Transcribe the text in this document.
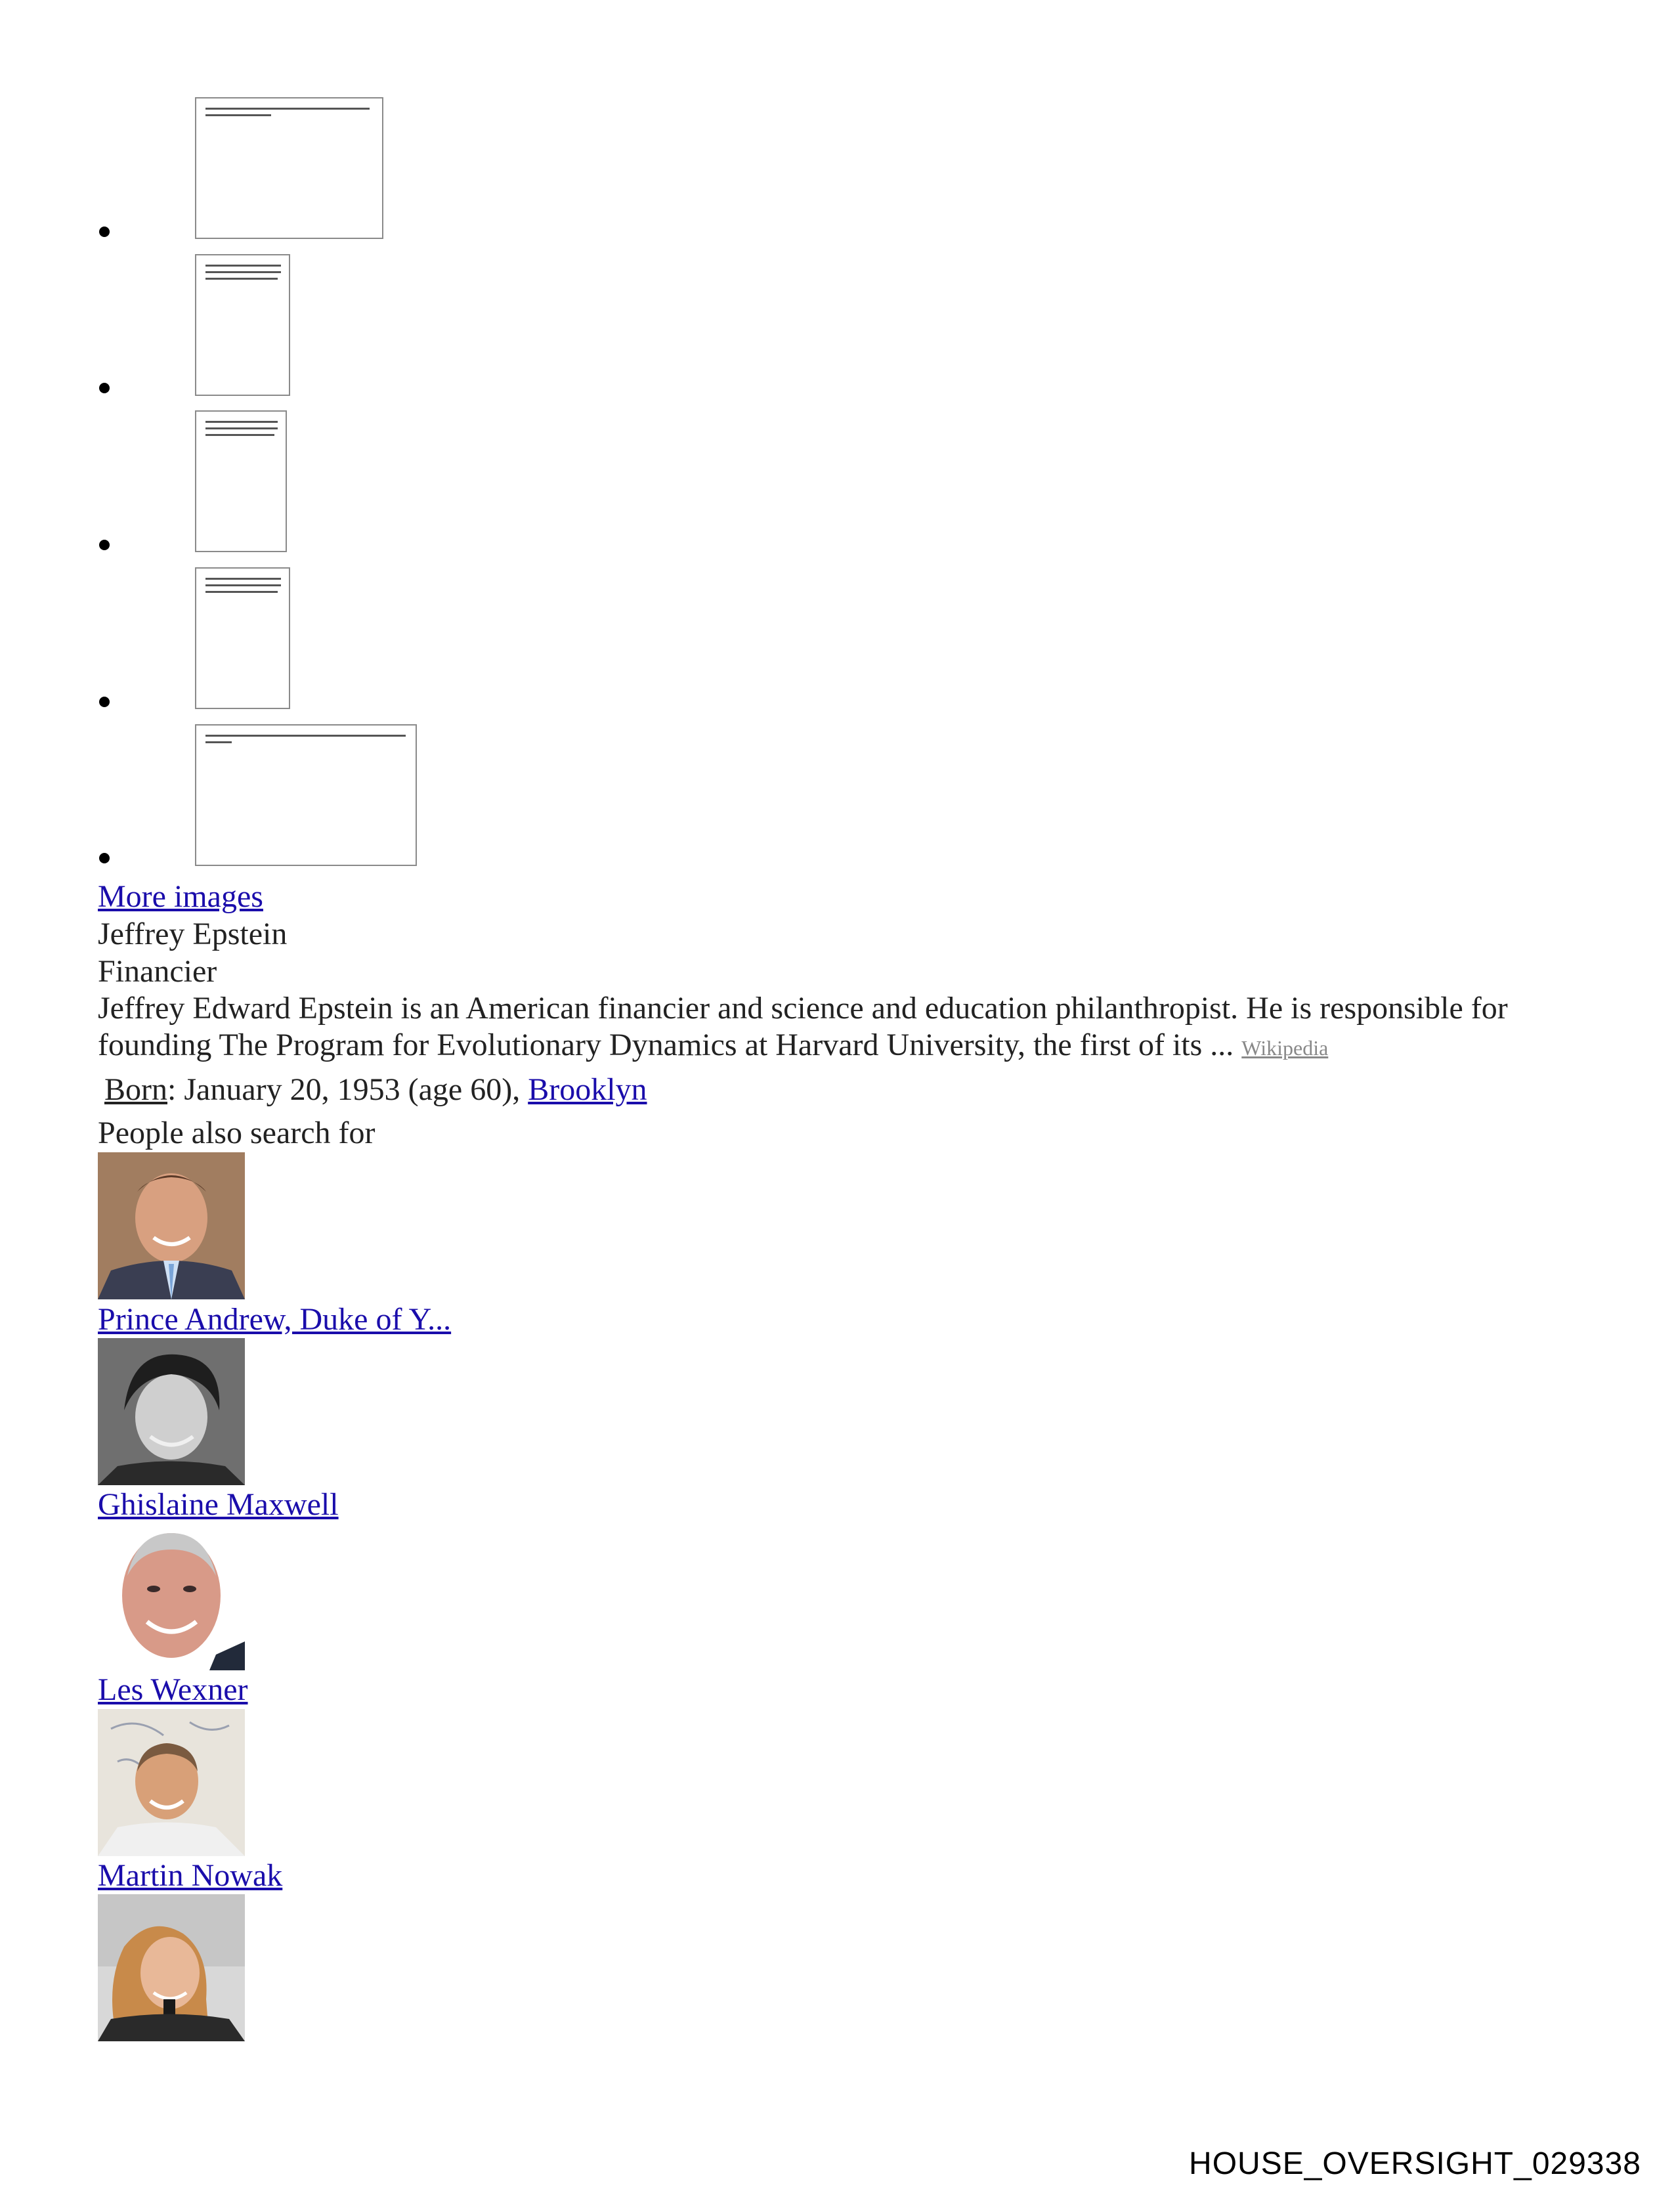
More images
Jeffrey Epstein
Financier
Jeffrey Edward Epstein is an American financier and science and education philanthropist. He is responsible for
founding The Program for Evolutionary Dynamics at Harvard University, the first of its ... Wikipedia
Born: January 20, 1953 (age 60), Brooklyn
People also search for
Prince Andrew, Duke of Y...
Ghislaine Maxwell
Les Wexner
Martin Nowak
HOUSE_OVERSIGHT_029338
